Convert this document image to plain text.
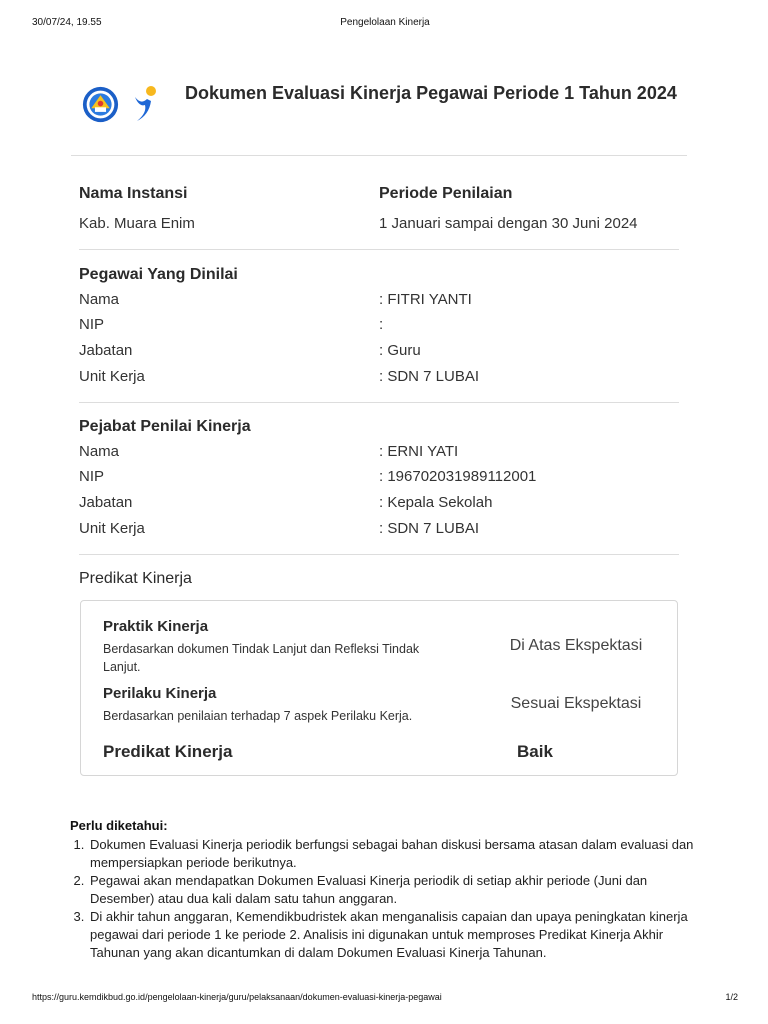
30/07/24, 19.55	Pengelolaan Kinerja
Dokumen Evaluasi Kinerja Pegawai Periode 1 Tahun 2024
Nama Instansi
Kab. Muara Enim
Periode Penilaian
1 Januari sampai dengan 30 Juni 2024
Pegawai Yang Dinilai
Nama	: FITRI YANTI
NIP	:
Jabatan	: Guru
Unit Kerja	: SDN 7 LUBAI
Pejabat Penilai Kinerja
Nama	: ERNI YATI
NIP	: 196702031989112001
Jabatan	: Kepala Sekolah
Unit Kerja	: SDN 7 LUBAI
Predikat Kinerja
Praktik Kinerja
Berdasarkan dokumen Tindak Lanjut dan Refleksi Tindak Lanjut.
Di Atas Ekspektasi
Perilaku Kinerja
Berdasarkan penilaian terhadap 7 aspek Perilaku Kerja.
Sesuai Ekspektasi
Predikat Kinerja	Baik
Perlu diketahui:
1. Dokumen Evaluasi Kinerja periodik berfungsi sebagai bahan diskusi bersama atasan dalam evaluasi dan mempersiapkan periode berikutnya.
2. Pegawai akan mendapatkan Dokumen Evaluasi Kinerja periodik di setiap akhir periode (Juni dan Desember) atau dua kali dalam satu tahun anggaran.
3. Di akhir tahun anggaran, Kemendikbudristek akan menganalisis capaian dan upaya peningkatan kinerja pegawai dari periode 1 ke periode 2. Analisis ini digunakan untuk memproses Predikat Kinerja Akhir Tahunan yang akan dicantumkan di dalam Dokumen Evaluasi Kinerja Tahunan.
https://guru.kemdikbud.go.id/pengelolaan-kinerja/guru/pelaksanaan/dokumen-evaluasi-kinerja-pegawai	1/2
